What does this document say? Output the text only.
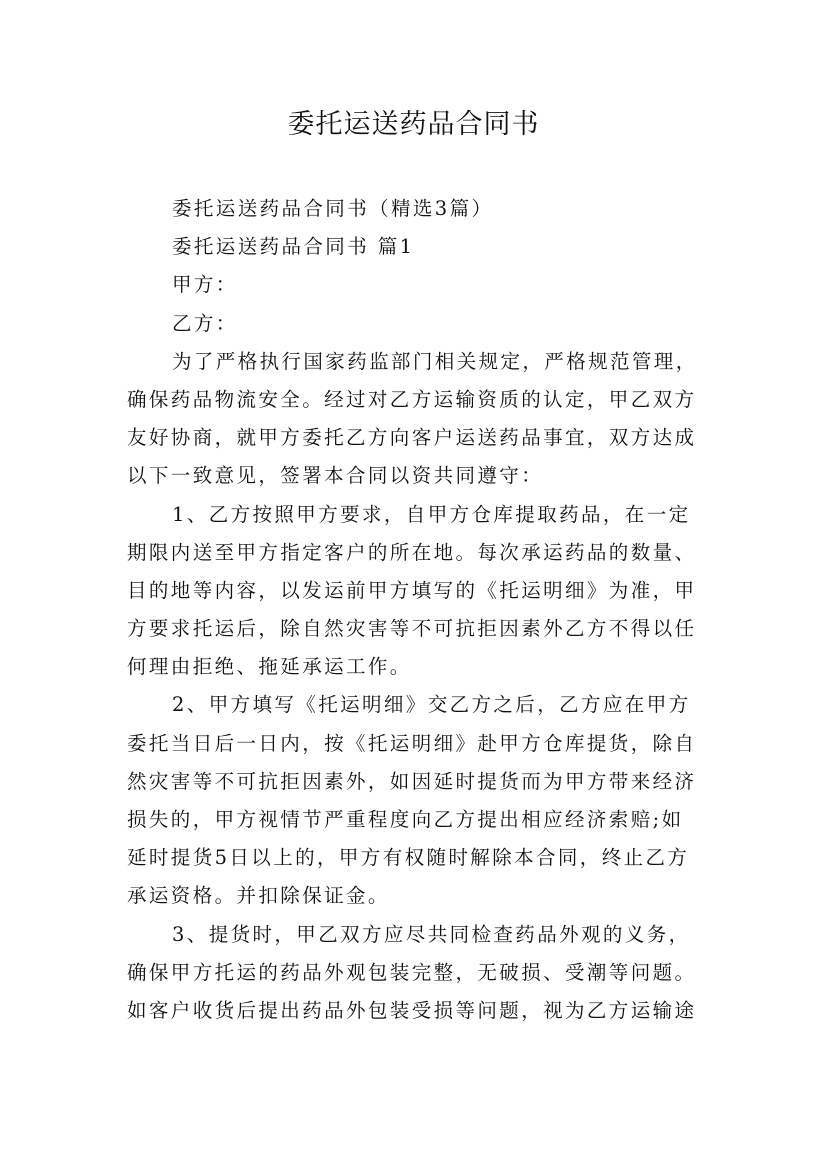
委托运送药品合同书

委托运送药品合同书（精选3篇）

委托运送药品合同书 篇1

甲方：

乙方：

为了严格执行国家药监部门相关规定，严格规范管理，

确保药品物流安全。经过对乙方运输资质的认定，甲乙双方

友好协商，就甲方委托乙方向客户运送药品事宜，双方达成

以下一致意见，签署本合同以资共同遵守：

1、乙方按照甲方要求，自甲方仓库提取药品，在一定

期限内送至甲方指定客户的所在地。每次承运药品的数量、

目的地等内容，以发运前甲方填写的《托运明细》为准，甲

方要求托运后，除自然灾害等不可抗拒因素外乙方不得以任

何理由拒绝、拖延承运工作。

2、甲方填写《托运明细》交乙方之后，乙方应在甲方

委托当日后一日内，按《托运明细》赴甲方仓库提货，除自

然灾害等不可抗拒因素外，如因延时提货而为甲方带来经济

损失的，甲方视情节严重程度向乙方提出相应经济索赔;如

延时提货5日以上的，甲方有权随时解除本合同，终止乙方

承运资格。并扣除保证金。

3、提货时，甲乙双方应尽共同检查药品外观的义务，

确保甲方托运的药品外观包装完整，无破损、受潮等问题。

如客户收货后提出药品外包装受损等问题，视为乙方运输途
